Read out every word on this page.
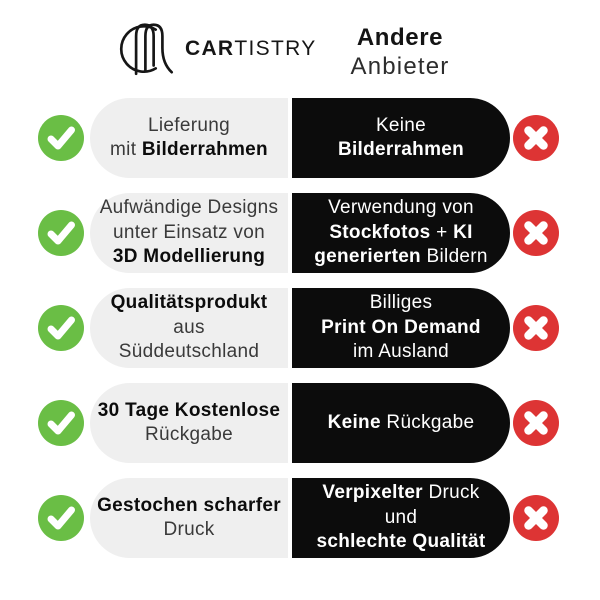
CARTISTRY	Andere
Anbieter
Lieferung
mit Bilderrahmen
Keine
Bilderrahmen
Aufwändige Designs
unter Einsatz von
3D Modellierung
Verwendung von
Stockfotos + KI
generierten Bildern
Qualitätsprodukt
aus
Süddeutschland
Billiges
Print On Demand
im Ausland
30 Tage Kostenlose
Rückgabe
Keine Rückgabe
Gestochen scharfer
Druck
Verpixelter Druck
und
schlechte Qualität
